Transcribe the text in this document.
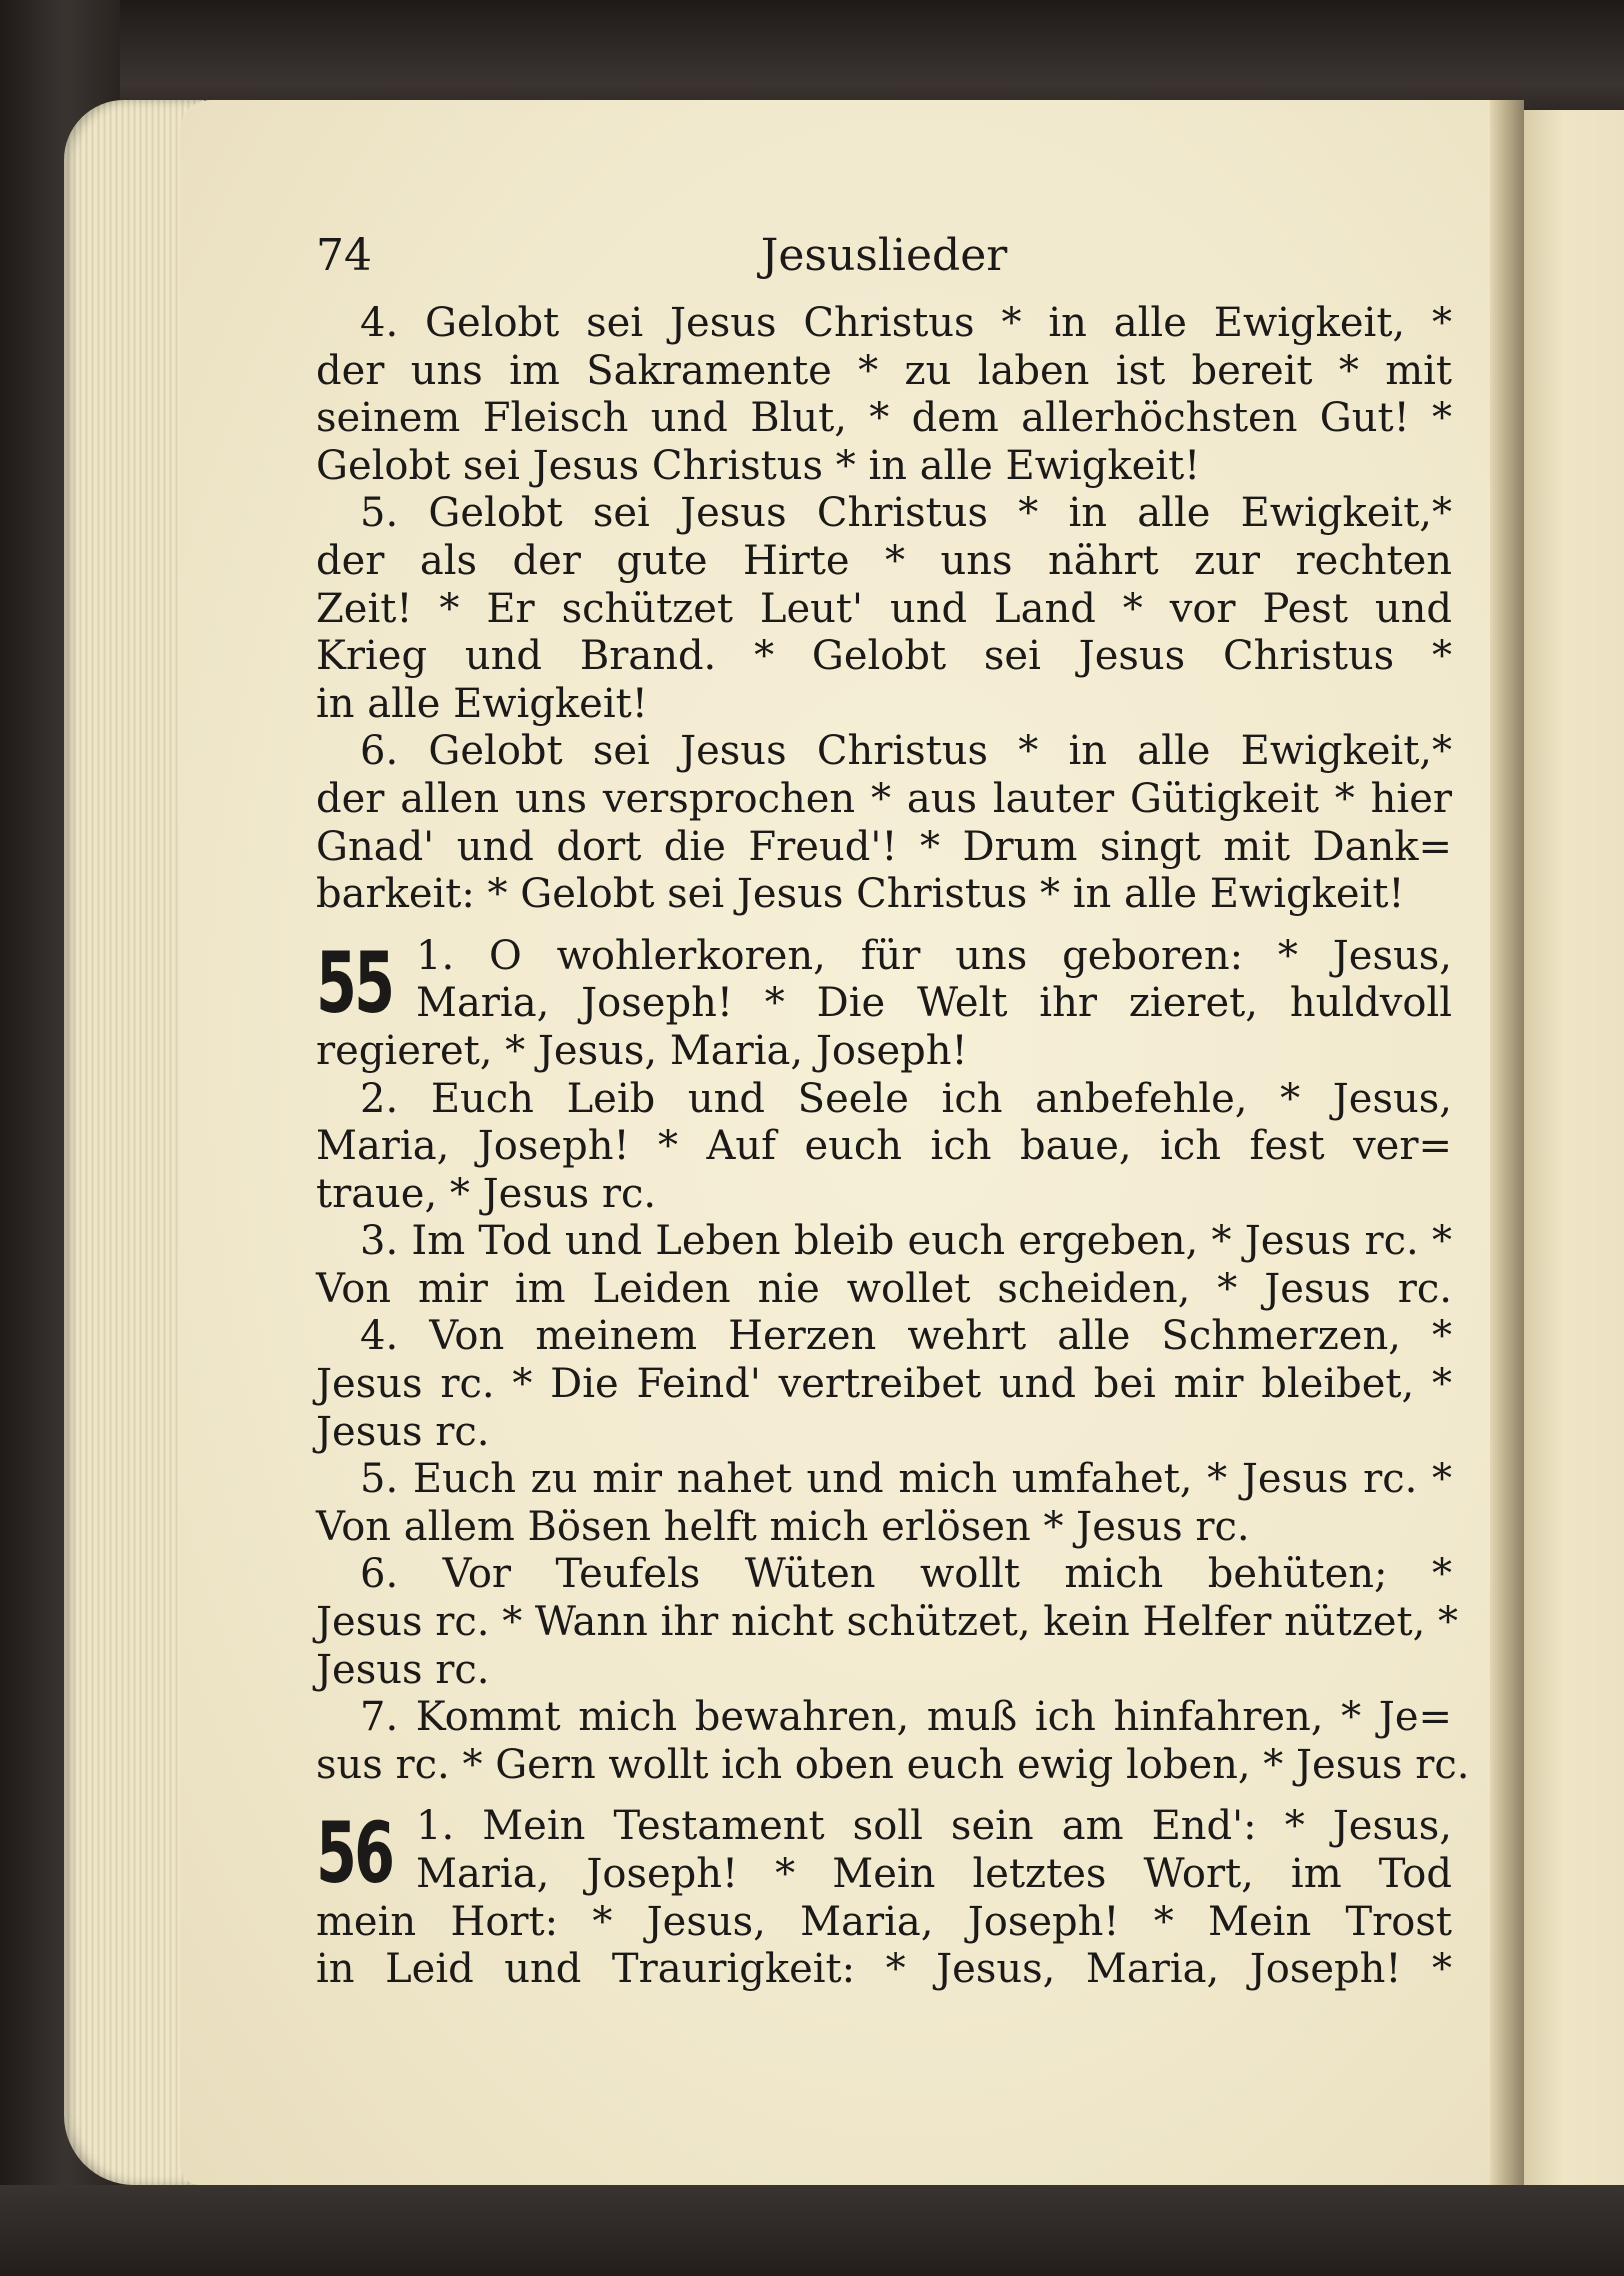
74	Jesuslieder
4. Gelobt sei Jesus Christus * in alle Ewigkeit, *
der uns im Sakramente * zu laben ist bereit * mit
seinem Fleisch und Blut, * dem allerhöchsten Gut! *
Gelobt sei Jesus Christus * in alle Ewigkeit!
5. Gelobt sei Jesus Christus * in alle Ewigkeit,*
der als der gute Hirte * uns nährt zur rechten
Zeit! * Er schützet Leut' und Land * vor Pest und
Krieg und Brand. * Gelobt sei Jesus Christus *
in alle Ewigkeit!
6. Gelobt sei Jesus Christus * in alle Ewigkeit,*
der allen uns versprochen * aus lauter Gütigkeit * hier
Gnad' und dort die Freud'! * Drum singt mit Dank=
barkeit: * Gelobt sei Jesus Christus * in alle Ewigkeit!
55 1. O wohlerkoren, für uns geboren: * Jesus,
Maria, Joseph! * Die Welt ihr zieret, huldvoll
regieret, * Jesus, Maria, Joseph!
2. Euch Leib und Seele ich anbefehle, * Jesus,
Maria, Joseph! * Auf euch ich baue, ich fest ver=
traue, * Jesus rc.
3. Im Tod und Leben bleib euch ergeben, * Jesus rc. *
Von mir im Leiden nie wollet scheiden, * Jesus rc.
4. Von meinem Herzen wehrt alle Schmerzen, *
Jesus rc. * Die Feind' vertreibet und bei mir bleibet, *
Jesus rc.
5. Euch zu mir nahet und mich umfahet, * Jesus rc. *
Von allem Bösen helft mich erlösen * Jesus rc.
6. Vor Teufels Wüten wollt mich behüten; *
Jesus rc. * Wann ihr nicht schützet, kein Helfer nützet, *
Jesus rc.
7. Kommt mich bewahren, muß ich hinfahren, * Je=
sus rc. * Gern wollt ich oben euch ewig loben, * Jesus rc.
56 1. Mein Testament soll sein am End': * Jesus,
Maria, Joseph! * Mein letztes Wort, im Tod
mein Hort: * Jesus, Maria, Joseph! * Mein Trost
in Leid und Traurigkeit: * Jesus, Maria, Joseph! *
